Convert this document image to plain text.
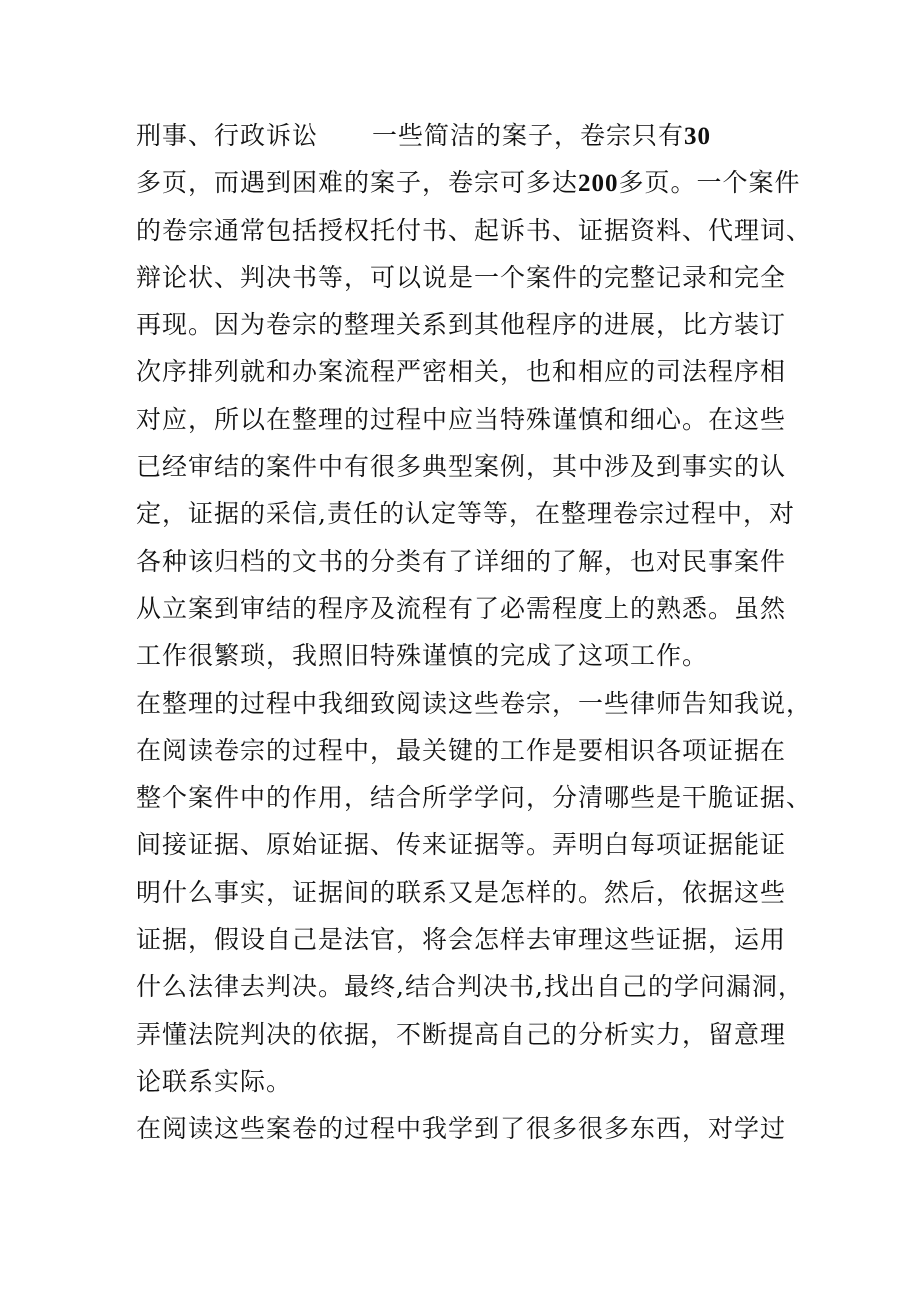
刑事、行政诉讼 一些简洁的案子，卷宗只有30
多页，而遇到困难的案子，卷宗可多达200多页。一个案件
的卷宗通常包括授权托付书、起诉书、证据资料、代理词、
辩论状、判决书等，可以说是一个案件的完整记录和完全
再现。因为卷宗的整理关系到其他程序的进展，比方装订
次序排列就和办案流程严密相关，也和相应的司法程序相
对应，所以在整理的过程中应当特殊谨慎和细心。在这些
已经审结的案件中有很多典型案例，其中涉及到事实的认
定，证据的采信,责任的认定等等，在整理卷宗过程中，对
各种该归档的文书的分类有了详细的了解，也对民事案件
从立案到审结的程序及流程有了必需程度上的熟悉。虽然
工作很繁琐，我照旧特殊谨慎的完成了这项工作。
在整理的过程中我细致阅读这些卷宗，一些律师告知我说，
在阅读卷宗的过程中，最关键的工作是要相识各项证据在
整个案件中的作用，结合所学学问，分清哪些是干脆证据、
间接证据、原始证据、传来证据等。弄明白每项证据能证
明什么事实，证据间的联系又是怎样的。然后，依据这些
证据，假设自己是法官，将会怎样去审理这些证据，运用
什么法律去判决。最终,结合判决书,找出自己的学问漏洞，
弄懂法院判决的依据，不断提高自己的分析实力，留意理
论联系实际。
在阅读这些案卷的过程中我学到了很多很多东西，对学过
